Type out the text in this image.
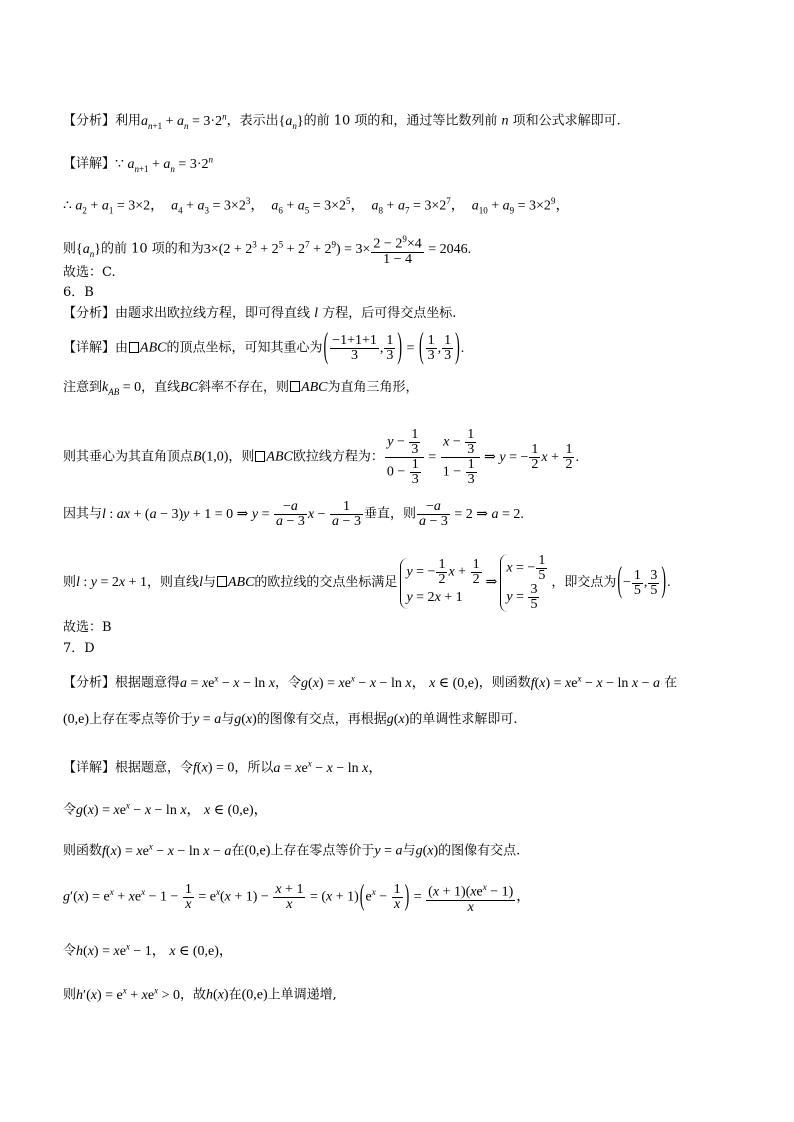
【分析】利用$a_{n+1} + a_n = 3\cdot 2^n$，表示出$\{a_n\}$的前 10 项的和，通过等比数列前 n 项和公式求解即可.
【详解】∵ $a_{n+1} + a_n = 3\cdot 2^n$
∴ $a_2 + a_1 = 3\times 2$，  $a_4 + a_3 = 3\times 2^3$，  $a_6 + a_5 = 3\times 2^5$，  $a_8 + a_7 = 3\times 2^7$，  $a_{10} + a_9 = 3\times 2^9$，
则$\{a_n\}$的前 10 项的和为$3\times(2 + 2^3 + 2^5 + 2^7 + 2^9) = 3\times \frac{2 - 2^9\times 4}{1 - 4} = 2046$.
故选：C.
6．B
【分析】由题求出欧拉线方程，即可得直线 l 方程，后可得交点坐标.
【详解】由 ABC的顶点坐标，可知其重心为( $\frac{-1+1+1}{3}$ , $\frac{1}{3}$ ) = ( $\frac{1}{3}$ , $\frac{1}{3}$ ).
注意到$k_{AB} = 0$，直线BC斜率不存在，则 ABC为直角三角形，
则其垂心为其直角顶点B(1,0)，则 ABC欧拉线方程为： $\frac{y - \frac{1}{3}}{0 - \frac{1}{3}} = \frac{x - \frac{1}{3}}{1 - \frac{1}{3}}$ ⇒ y = − $\frac{1}{2}$ $x + \frac{1}{2}$ .
因其与l : ax + (a − 3)y + 1 = 0 ⇒ $y = \frac{-a}{a - 3}$ $x - \frac{1}{a - 3}$ 垂直，则 $\frac{-a}{a - 3} = 2$ ⇒ a = 2.
则l : y = 2x + 1，则直线l与 ABC的欧拉线的交点坐标满足
y = − $\frac{1}{2}$ $x + \frac{1}{2}$
y = 2x + 1
⇒
x = − $\frac{1}{5}$
$y = \frac{3}{5}$
，即交点为(− $\frac{1}{5}$ , $\frac{3}{5}$ ).
故选：B
7．D
【分析】根据题意得$a = xe^x - x - \ln x$，令$g(x) = xe^x - x - \ln x$， x ∈ (0,e)，则函数$f(x) = xe^x - x - \ln x - a$ 在
(0,e)上存在零点等价于y = a与g(x)的图像有交点，再根据g(x)的单调性求解即可.
【详解】根据题意，令f(x) = 0，所以$a = xe^x - x - \ln x$，
令$g(x) = xe^x - x - \ln x$， x ∈ (0,e)，
则函数$f(x) = xe^x - x - \ln x - a$在(0,e)上存在零点等价于y = a与g(x)的图像有交点.
$g'(x) = e^x + xe^x - 1 - \frac{1}{x} = e^x(x + 1) - \frac{x + 1}{x} = (x + 1)(e^x - \frac{1}{x}$ ) = $\frac{(x + 1)(xe^x - 1)}{x}$ ，
令$h(x) = xe^x - 1$， x ∈ (0,e)，
则$h'(x) = e^x + xe^x > 0$，故h(x)在(0,e)上单调递增,
